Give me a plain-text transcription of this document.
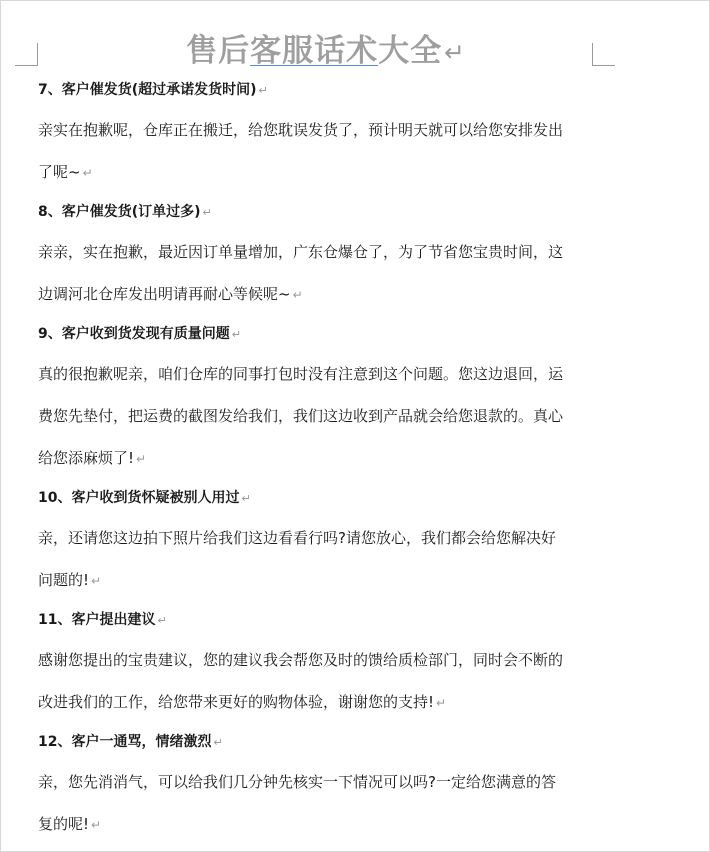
售后客服话术大全↵
7、客户催发货(超过承诺发货时间) ↵
亲实在抱歉呢，仓库正在搬迁，给您耽误发货了，预计明天就可以给您安排发出
了呢~ ↵
8、客户催发货(订单过多) ↵
亲亲，实在抱歉，最近因订单量增加，广东仓爆仓了，为了节省您宝贵时间，这
边调河北仓库发出明请再耐心等候呢~ ↵
9、客户收到货发现有质量问题 ↵
真的很抱歉呢亲，咱们仓库的同事打包时没有注意到这个问题。您这边退回，运
费您先垫付，把运费的截图发给我们，我们这边收到产品就会给您退款的。真心
给您添麻烦了! ↵
10、客户收到货怀疑被别人用过 ↵
亲，还请您这边拍下照片给我们这边看看行吗?请您放心，我们都会给您解决好
问题的! ↵
11、客户提出建议 ↵
感谢您提出的宝贵建议，您的建议我会帮您及时的馈给质检部门，同时会不断的
改进我们的工作，给您带来更好的购物体验，谢谢您的支持! ↵
12、客户一通骂，情绪激烈 ↵
亲，您先消消气，可以给我们几分钟先核实一下情况可以吗?一定给您满意的答
复的呢! ↵
